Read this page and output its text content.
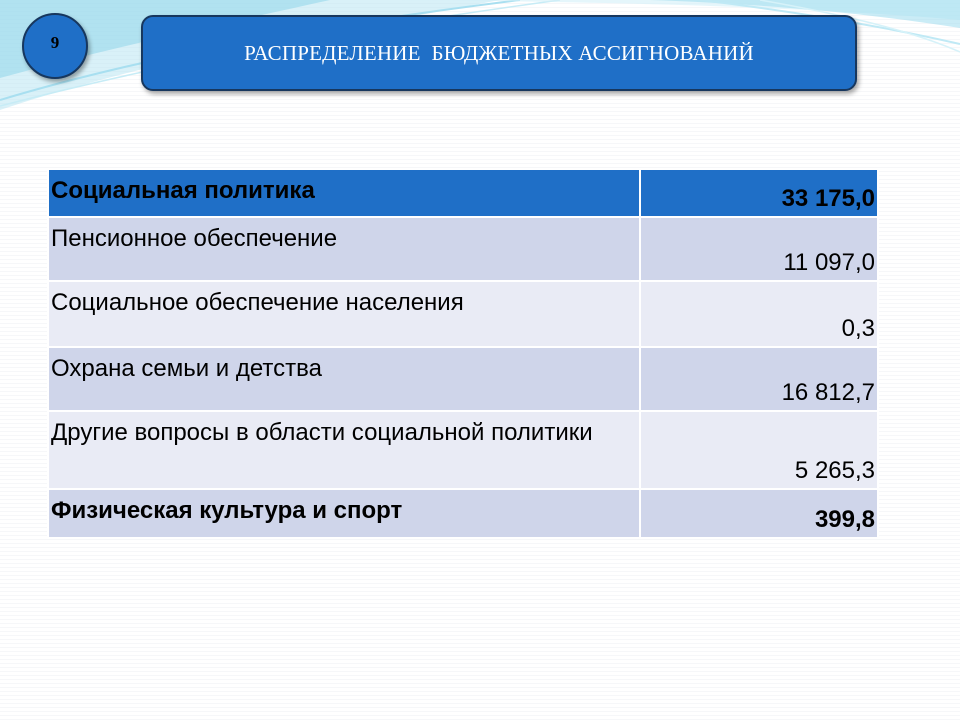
9	РАСПРЕДЕЛЕНИЕ  БЮДЖЕТНЫХ АССИГНОВАНИЙ
Социальная политика	33 175,0
Пенсионное обеспечение	11 097,0
Социальное обеспечение населения	0,3
Охрана семьи и детства	16 812,7
Другие вопросы в области социальной политики	5 265,3
Физическая культура и спорт	399,8
